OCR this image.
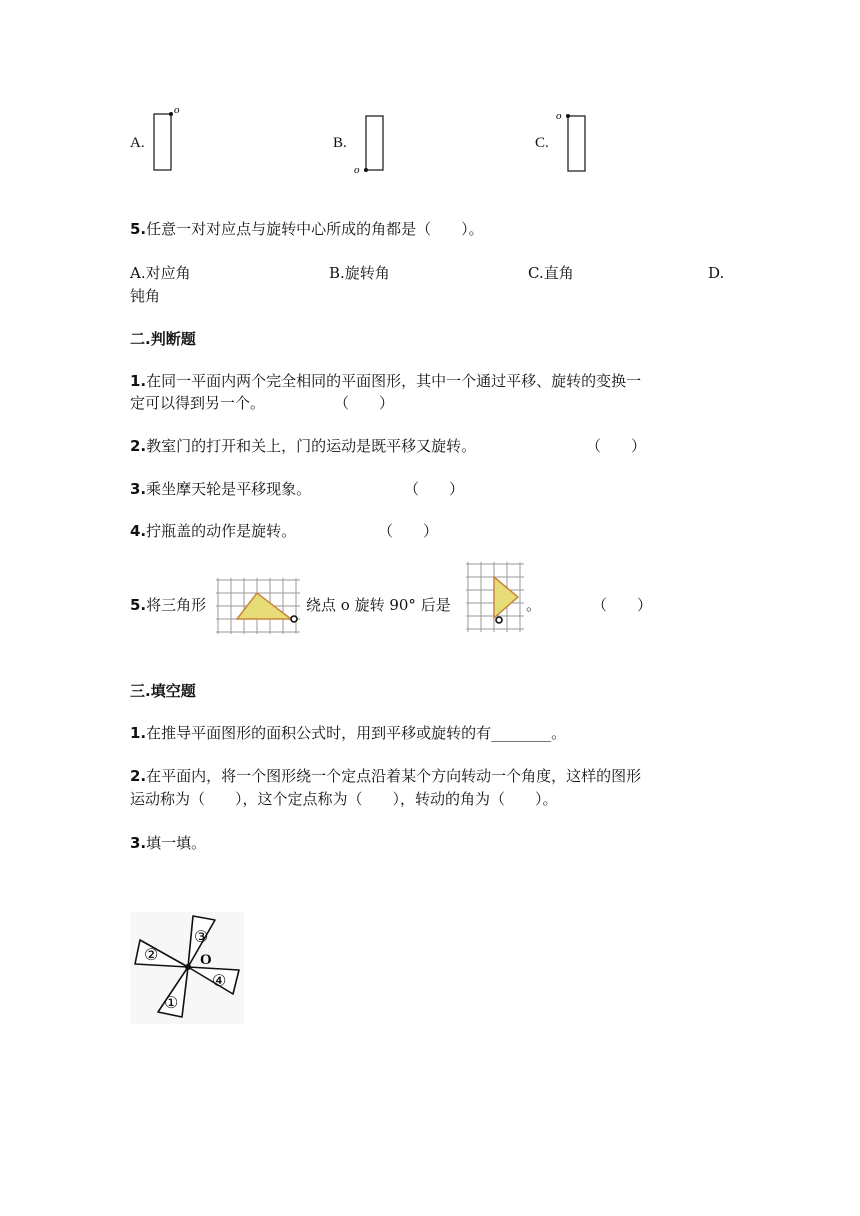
A.
o
B.
o
C.
o
5.任意一对对应点与旋转中心所成的角都是（　　）。
A.对应角	B.旋转角	C.直角	D.
钝角
二.判断题
1.在同一平面内两个完全相同的平面图形，其中一个通过平移、旋转的变换一
定可以得到另一个。	（　　）
2.教室门的打开和关上，门的运动是既平移又旋转。	（　　）
3.乘坐摩天轮是平移现象。	（　　）
4.拧瓶盖的动作是旋转。	（　　）
5.将三角形	绕点 o 旋转 90° 后是	。	（　　）
三.填空题
1.在推导平面图形的面积公式时，用到平移或旋转的有________。
2.在平面内，将一个图形绕一个定点沿着某个方向转动一个角度，这样的图形
运动称为（　　），这个定点称为（　　），转动的角为（　　）。
3.填一填。
O
③
②
④
①
